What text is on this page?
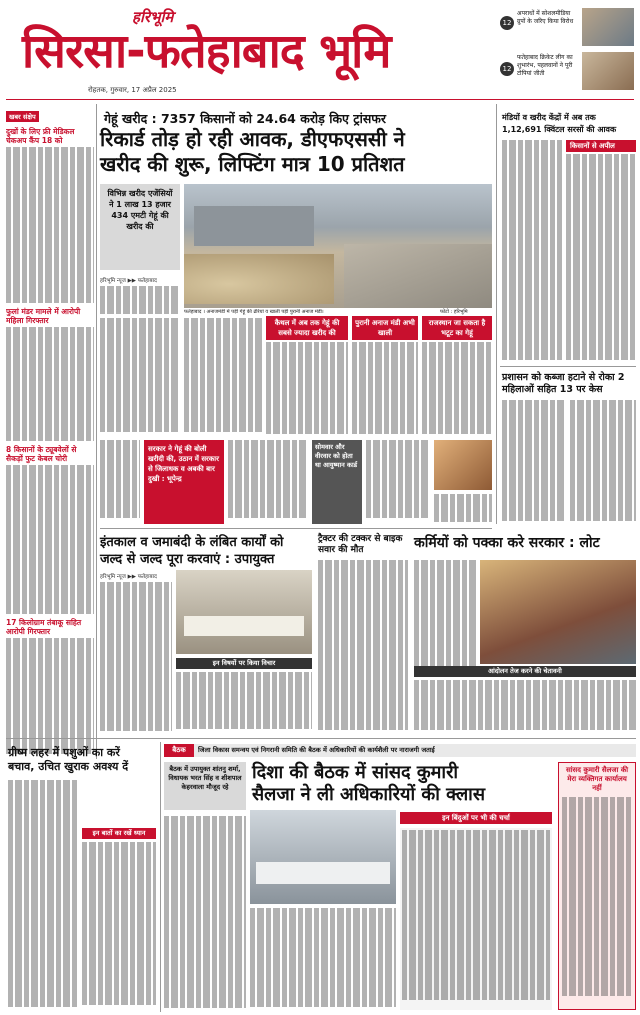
हरिभूमि
सिरसा-फतेहाबाद भूमि
रोहतक, गुरुवार, 17 अप्रैल 2025
12
अपराधों में सोशलमीडिया ग्रुपों के जरिए किया विरोध
12
फतेहाबाद क्रिकेट लीग का शुभारंभ, पहलवानों ने पूरी टोपियां जीती
खबर संक्षेप
दुखों के लिए फ्री मेडिकल चेकअप कैंप 18 को
फुलां मंडर मामले में आरोपी महिला गिरफ्तार
8 किसानों के ट्यूबवेलों से सैकड़ों फुट केबल चोरी
17 किलोग्राम तंबाकू सहित आरोपी गिरफ्तार
गेहूं खरीद : 7357 किसानों को 24.64 करोड़ किए ट्रांसफर
रिकार्ड तोड़ हो रही आवक, डीएफएससी ने
खरीद की शुरू, लिफ्टिंग मात्र 10 प्रतिशत
विभिन्न खरीद एजेंसियों ने 1 लाख 13 हजार 434 एमटी गेहूं की खरीद की
फतेहाबाद । अनाजमंडी में पड़ी गेहूं की ढेरियां व खाली पड़ी पुरानी अनाज मंडी।	फोटो : हरिभूमि
हरिभूमि न्यूज ▶▶ फतेहाबाद
कैथल में अब तक गेहूं की सबसे ज्यादा खरीद की
पुरानी अनाज मंडी अभी खाली
राजस्थान जा सकता है भटूट का गेहूं
सरकार ने गेहूं की बोली खरीदी की, उठान में सरकार से जिलाधक व अबकी बार दुखी : भूपेन्द्र
सोमवार और वीरवार को होता था आयुष्मान कार्ड
मंडियों व खरीद केंद्रों में अब तक
1,12,691 क्विंटल सरसों की आवक
किसानों से अपील
प्रशासन को कब्जा हटाने से रोका 2 महिलाओं सहित 13 पर केस
इंतकाल व जमाबंदी के लंबित कार्यों को
जल्द से जल्द पूरा करवाएं : उपायुक्त
ट्रैक्टर की टक्कर से बाइक सवार की मौत	कर्मियों को पक्का करे सरकार : लोट
हरिभूमि न्यूज ▶▶ फतेहाबाद
इन विषयों पर किया विचार
आंदोलन तेज करने की चेतावनी
ग्रीष्म लहर में पशुओं का करें
बचाव, उचित खुराक अवश्य दें
इन बातों का रखें ध्यान
बैठक	जिला विकास समन्वय एवं निगरानी समिति की बैठक में अधिकारियों की कार्यशैली पर नाराजगी जताई
बैठक में उपायुक्त शांतनु शर्मा, विधायक भरत सिंह व शीशपाल केहरवाला मौजूद रहे
दिशा की बैठक में सांसद कुमारी
सैलजा ने ली अधिकारियों की क्लास
इन बिंदुओं पर भी की चर्चा
सांसद कुमारी सैलजा की मेरा व्यक्तिगत कार्यालय नहीं
